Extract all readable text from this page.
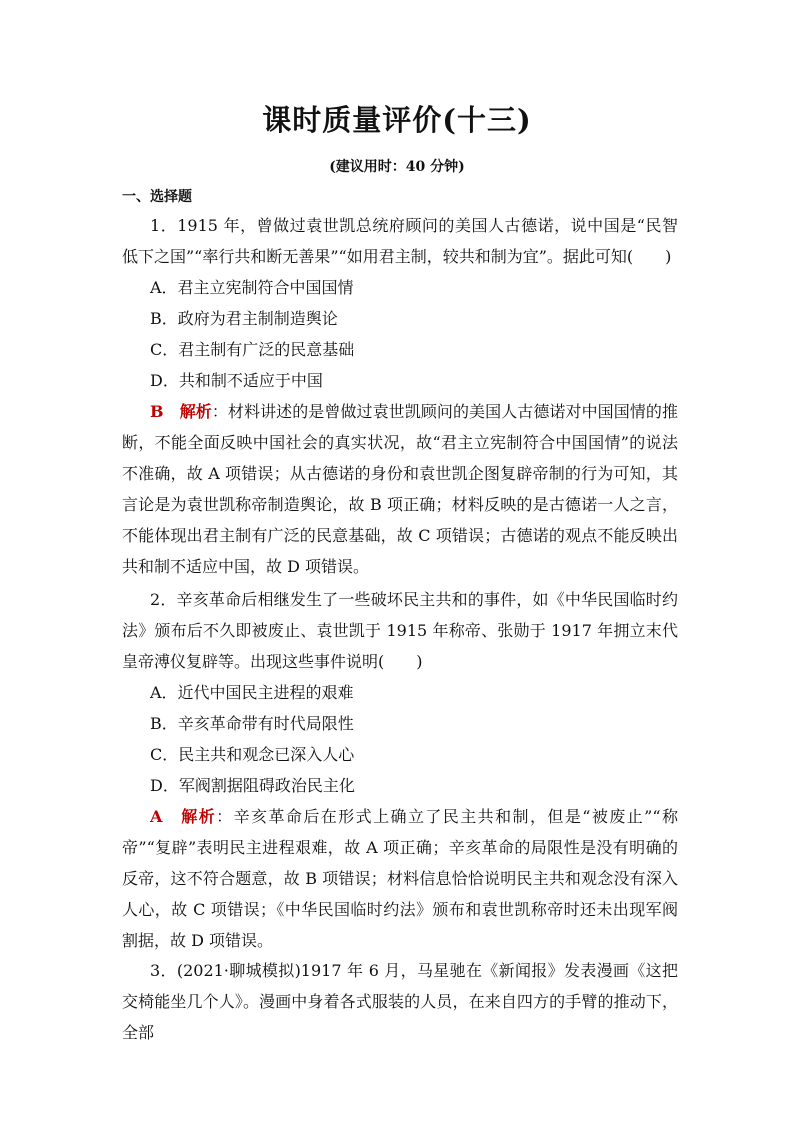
课时质量评价(十三)
(建议用时：40 分钟)
一、选择题

1．1915 年，曾做过袁世凯总统府顾问的美国人古德诺，说中国是“民智低下之国”“率行共和断无善果”“如用君主制，较共和制为宜”。据此可知(　　)

A．君主立宪制符合中国国情

B．政府为君主制制造舆论

C．君主制有广泛的民意基础

D．共和制不适应于中国

B　 解析：材料讲述的是曾做过袁世凯顾问的美国人古德诺对中国国情的推断，不能全面反映中国社会的真实状况，故“君主立宪制符合中国国情”的说法不准确，故 A 项错误；从古德诺的身份和袁世凯企图复辟帝制的行为可知，其言论是为袁世凯称帝制造舆论，故 B 项正确；材料反映的是古德诺一人之言，不能体现出君主制有广泛的民意基础，故 C 项错误；古德诺的观点不能反映出共和制不适应中国，故 D 项错误。

2．辛亥革命后相继发生了一些破坏民主共和的事件，如《中华民国临时约法》颁布后不久即被废止、袁世凯于 1915 年称帝、张勋于 1917 年拥立末代皇帝溥仪复辟等。出现这些事件说明(　　)

A．近代中国民主进程的艰难

B．辛亥革命带有时代局限性

C．民主共和观念已深入人心

D．军阀割据阻碍政治民主化

A　 解析：辛亥革命后在形式上确立了民主共和制，但是“被废止”“称帝”“复辟”表明民主进程艰难，故 A 项正确；辛亥革命的局限性是没有明确的反帝，这不符合题意，故 B 项错误；材料信息恰恰说明民主共和观念没有深入人心，故 C 项错误；《中华民国临时约法》颁布和袁世凯称帝时还未出现军阀割据，故 D 项错误。

3．(2021·聊城模拟)1917 年 6 月，马星驰在《新闻报》发表漫画《这把交椅能坐几个人》。漫画中身着各式服装的人员，在来自四方的手臂的推动下，全部
